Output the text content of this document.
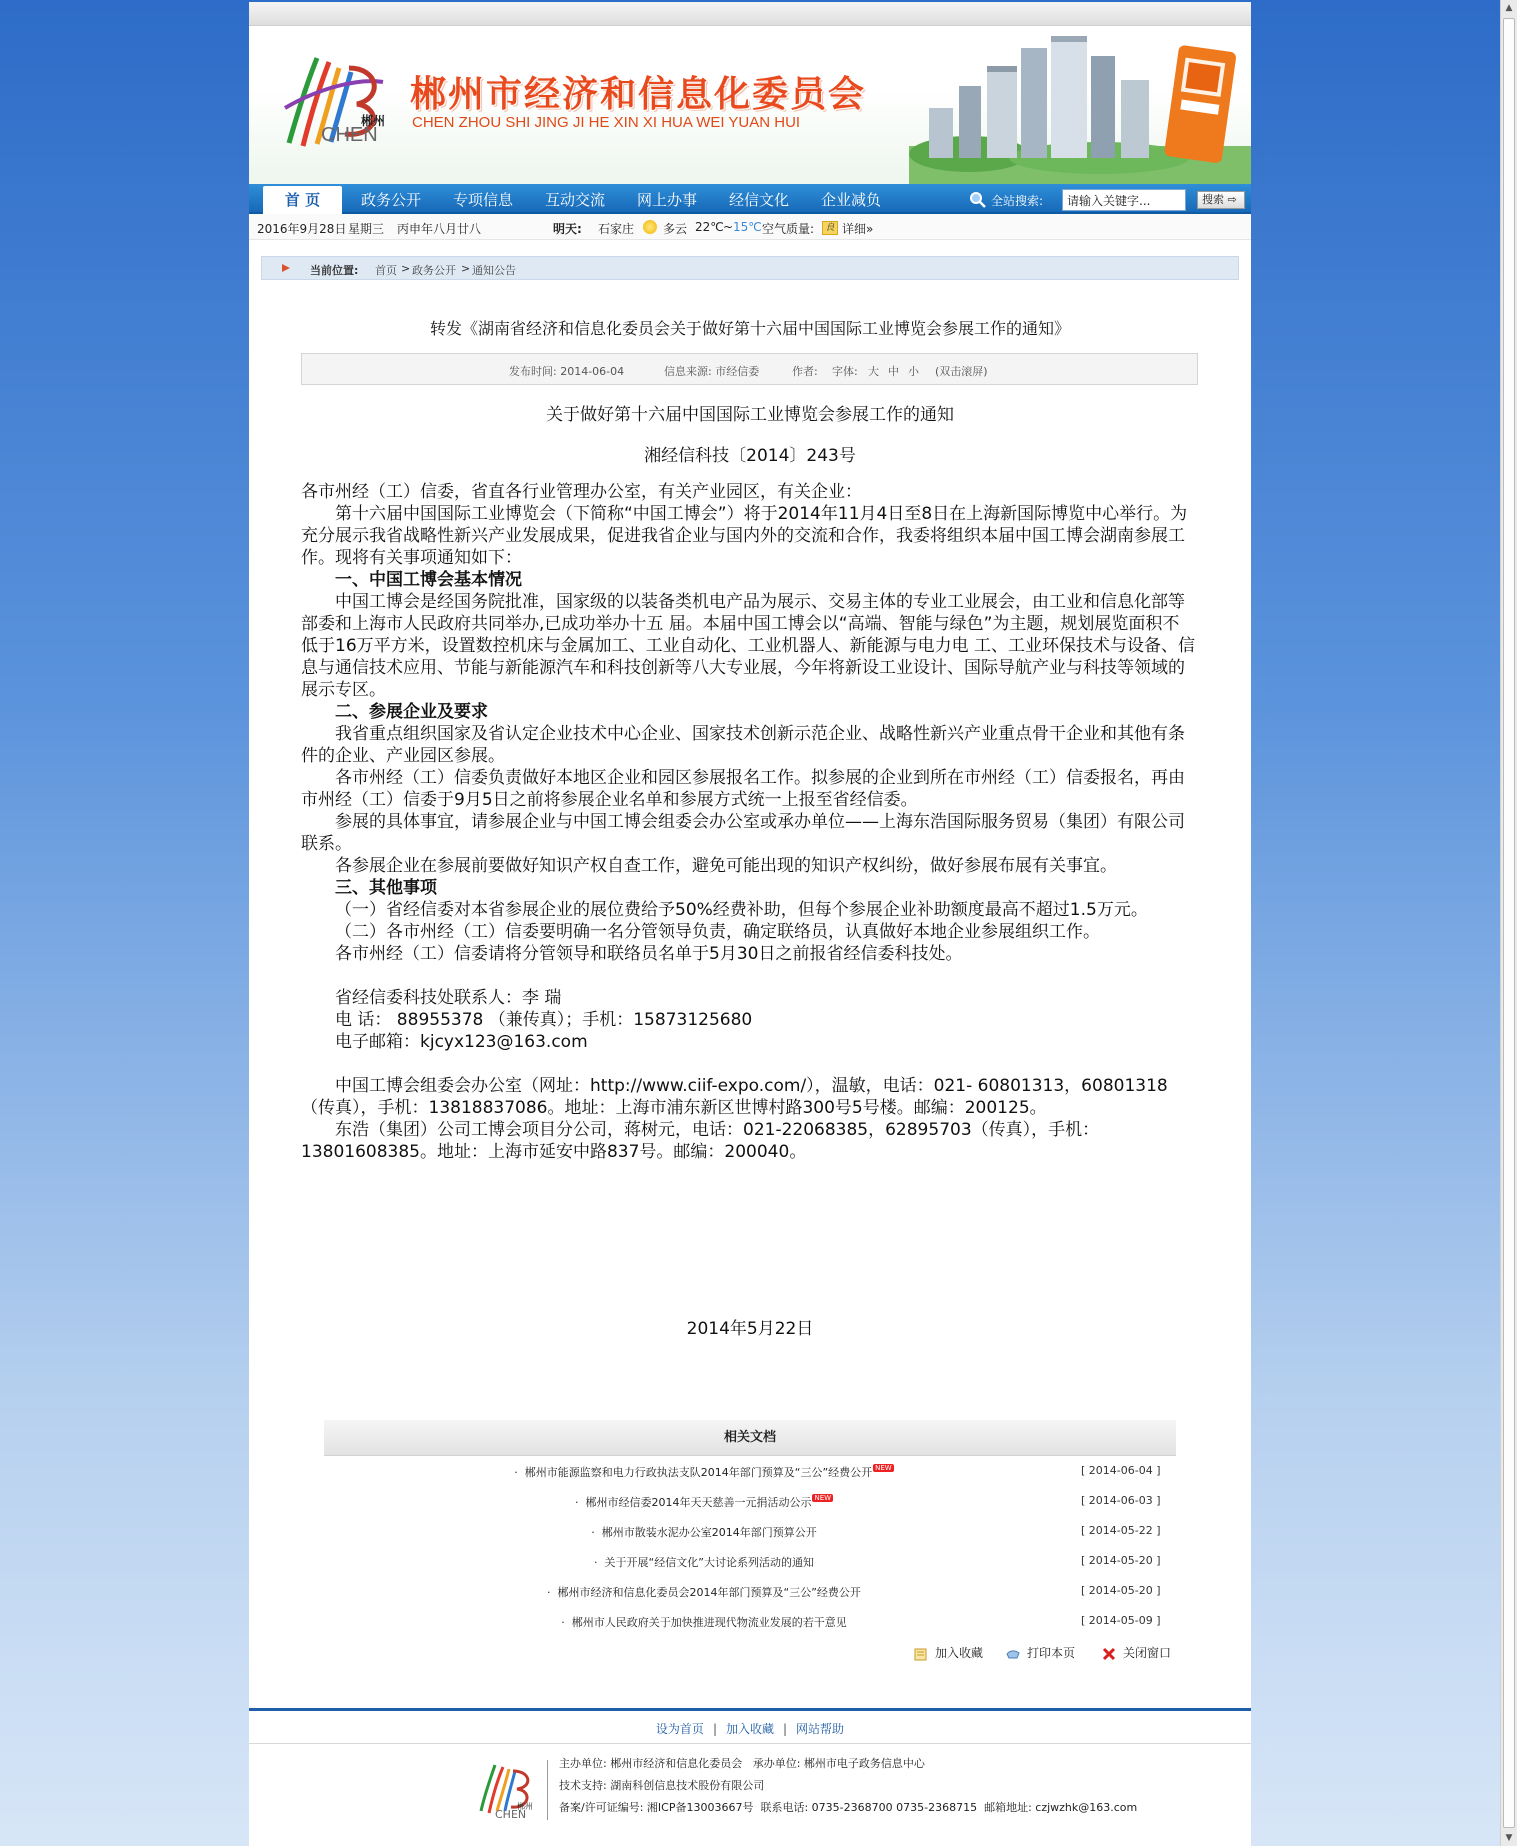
▲
▼
郴州
CHEN
郴州市经济和信息化委员会
CHEN ZHOU SHI JING JI HE XIN XI HUA WEI YUAN HUI
首 页	政务公开 专项信息 互动交流 网上办事 经信文化 企业减负	全站搜索:
请输入关键字...	搜索 ⇨
2016年9月28日 星期三 丙申年八月廿八	明天: 石家庄 多云 22℃ ~ 15℃ 空气质量:	良 详细»
当前位置: 首页 > 政务公开 > 通知公告
转发《湖南省经济和信息化委员会关于做好第十六届中国国际工业博览会参展工作的通知》
发布时间: 2014-06-04	信息来源: 市经信委	作者: 字体: 大 中 小 (双击滚屏)
关于做好第十六届中国国际工业博览会参展工作的通知
湘经信科技〔2014〕243号

各市州经（工）信委，省直各行业管理办公室，有关产业园区，有关企业：

第十六届中国国际工业博览会（下简称“中国工博会”）将于2014年11月4日至8日在上海新国际博览中心举行。为充分展示我省战略性新兴产业发展成果，促进我省企业与国内外的交流和合作，我委将组织本届中国工博会湖南参展工作。现将有关事项通知如下：

一、中国工博会基本情况

中国工博会是经国务院批准，国家级的以装备类机电产品为展示、交易主体的专业工业展会，由工业和信息化部等部委和上海市人民政府共同举办,已成功举办十五 届。本届中国工博会以“高端、智能与绿色”为主题，规划展览面积不低于16万平方米，设置数控机床与金属加工、工业自动化、工业机器人、新能源与电力电 工、工业环保技术与设备、信息与通信技术应用、节能与新能源汽车和科技创新等八大专业展，今年将新设工业设计、国际导航产业与科技等领域的展示专区。

二、参展企业及要求

我省重点组织国家及省认定企业技术中心企业、国家技术创新示范企业、战略性新兴产业重点骨干企业和其他有条件的企业、产业园区参展。

各市州经（工）信委负责做好本地区企业和园区参展报名工作。拟参展的企业到所在市州经（工）信委报名，再由市州经（工）信委于9月5日之前将参展企业名单和参展方式统一上报至省经信委。

参展的具体事宜，请参展企业与中国工博会组委会办公室或承办单位——上海东浩国际服务贸易（集团）有限公司联系。

各参展企业在参展前要做好知识产权自查工作，避免可能出现的知识产权纠纷，做好参展布展有关事宜。

三、其他事项

（一）省经信委对本省参展企业的展位费给予50%经费补助，但每个参展企业补助额度最高不超过1.5万元。

（二）各市州经（工）信委要明确一名分管领导负责，确定联络员，认真做好本地企业参展组织工作。

各市州经（工）信委请将分管领导和联络员名单于5月30日之前报省经信委科技处。

省经信委科技处联系人：李 瑞

电 话： 88955378 （兼传真）；手机：15873125680

电子邮箱：kjcyx123@163.com

中国工博会组委会办公室（网址：http://www.ciif-expo.com/），温敏，电话：021- 60801313，60801318（传真），手机：13818837086。地址：上海市浦东新区世博村路300号5号楼。邮编：200125。

东浩（集团）公司工博会项目分公司，蒋树元，电话：021-22068385，62895703（传真），手机：13801608385。地址：上海市延安中路837号。邮编：200040。

2014年5月22日
相关文档
· 郴州市能源监察和电力行政执法支队2014年部门预算及“三公”经费公开 NEW	[ 2014-06-04 ]
· 郴州市经信委2014年天天慈善一元捐活动公示 NEW	[ 2014-06-03 ]
· 郴州市散装水泥办公室2014年部门预算公开	[ 2014-05-22 ]
· 关于开展“经信文化”大讨论系列活动的通知	[ 2014-05-20 ]
· 郴州市经济和信息化委员会2014年部门预算及“三公”经费公开	[ 2014-05-20 ]
· 郴州市人民政府关于加快推进现代物流业发展的若干意见	[ 2014-05-09 ]
加入收藏	打印本页	关闭窗口
设为首页 | 加入收藏 | 网站帮助
郴州
CHEN
主办单位: 郴州市经济和信息化委员会 承办单位: 郴州市电子政务信息中心
技术支持: 湖南科创信息技术股份有限公司
备案/许可证编号: 湘ICP备13003667号 联系电话: 0735-2368700 0735-2368715 邮箱地址: czjwzhk@163.com
